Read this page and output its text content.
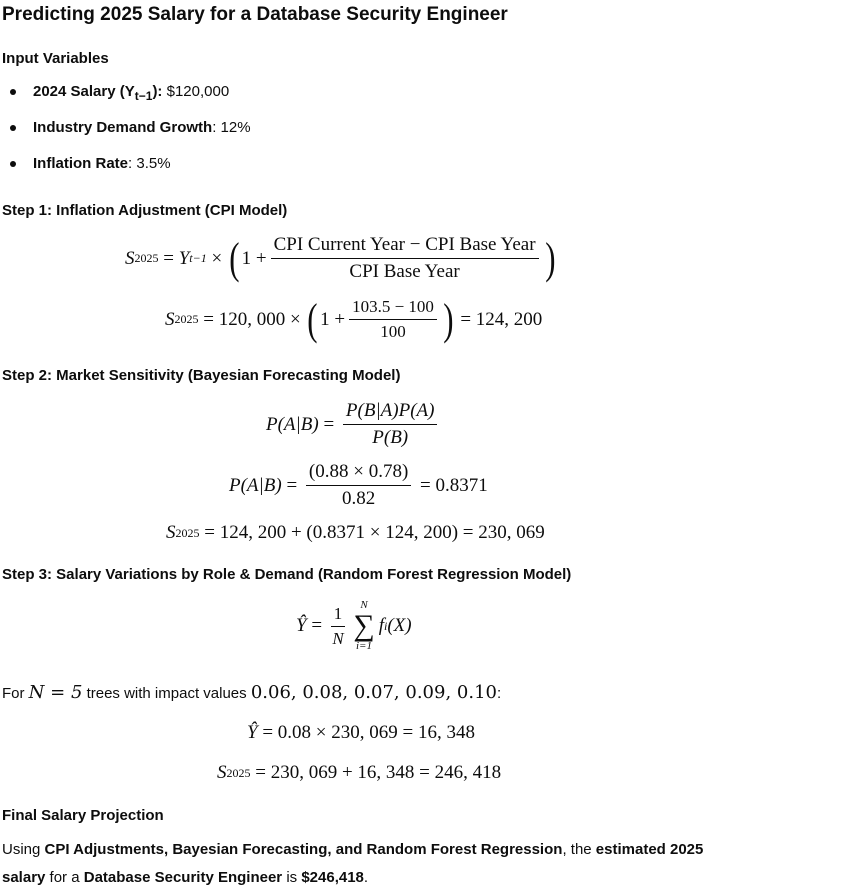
Predicting 2025 Salary for a Database Security Engineer
Input Variables
2024 Salary $(Y_{t-1})$: $120,000
Industry Demand Growth: 12%
Inflation Rate: 3.5%
Step 1: Inflation Adjustment (CPI Model)
S 2025 = Y t−1 × ( $1 + \frac{\text{CPI Current Year − CPI Base Year}}{\text{CPI Base Year}}$ )
S 2025
= 120, 000 ×
( $1 + \frac{103.5 - 100}{100}$ )
= 124, 200
Step 2: Market Sensitivity (Bayesian Forecasting Model)
$P(A|B) = \frac{P(B|A)P(A)}{P(B)}$
$P(A|B) = \frac{(0.88 \times 0.78)}{0.82}$
= 0.8371
S 2025
= 124, 200 + (0.8371 × 124, 200) = 230, 069
Step 3: Salary Variations by Role & Demand (Random Forest Regression Model)
Ŷ = $\frac{1}{N}$ N
∑
i=1
f i (X)
For N = 5 trees with impact values 0.06, 0.08, 0.07, 0.09, 0.10:
Ŷ
= 0.08 × 230, 069 = 16, 348
S 2025
= 230, 069 + 16, 348 = 246, 418
Final Salary Projection
Using CPI Adjustments, Bayesian Forecasting, and Random Forest Regression, the estimated 2025
salary for a Database Security Engineer is $246,418.
